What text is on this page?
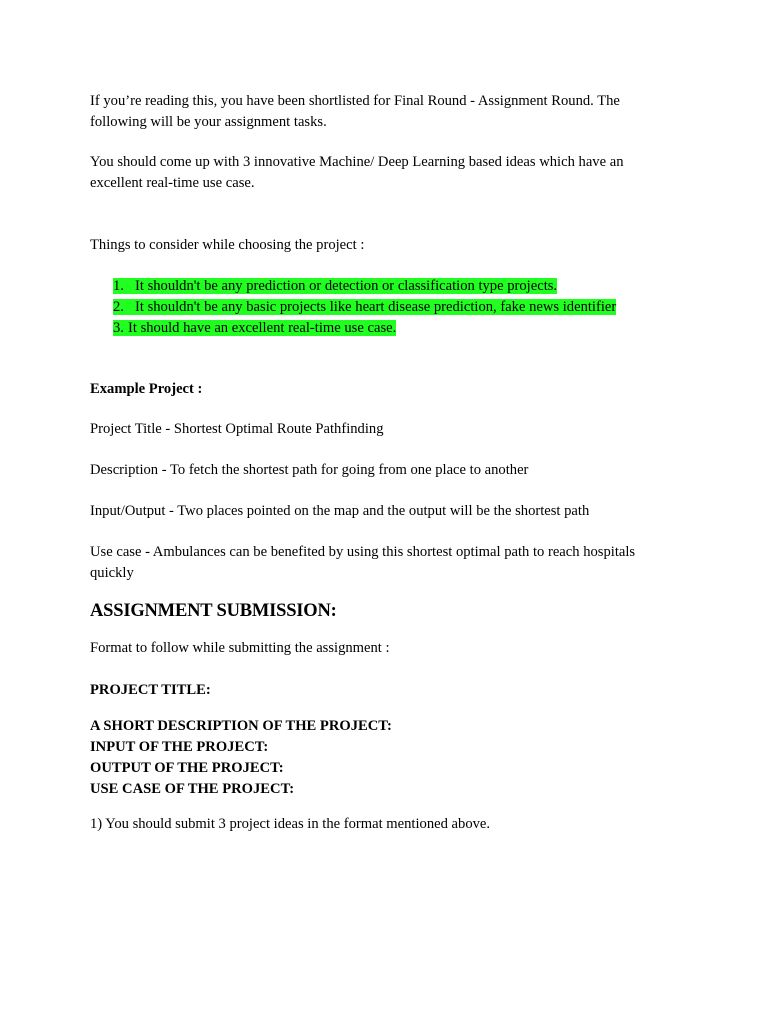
If you’re reading this, you have been shortlisted for Final Round - Assignment Round. The following will be your assignment tasks.

You should come up with 3 innovative Machine/ Deep Learning based ideas which have an excellent real-time use case.

Things to consider while choosing the project :

1. It shouldn't be any prediction or detection or classification type projects.
2. It shouldn't be any basic projects like heart disease prediction, fake news identifier
3. It should have an excellent real-time use case.

Example Project :

Project Title - Shortest Optimal Route Pathfinding

Description - To fetch the shortest path for going from one place to another

Input/Output - Two places pointed on the map and the output will be the shortest path

Use case - Ambulances can be benefited by using this shortest optimal path to reach hospitals quickly

ASSIGNMENT SUBMISSION:

Format to follow while submitting the assignment :

PROJECT TITLE:

A SHORT DESCRIPTION OF THE PROJECT:
INPUT OF THE PROJECT:
OUTPUT OF THE PROJECT:
USE CASE OF THE PROJECT:

1) You should submit 3 project ideas in the format mentioned above.
